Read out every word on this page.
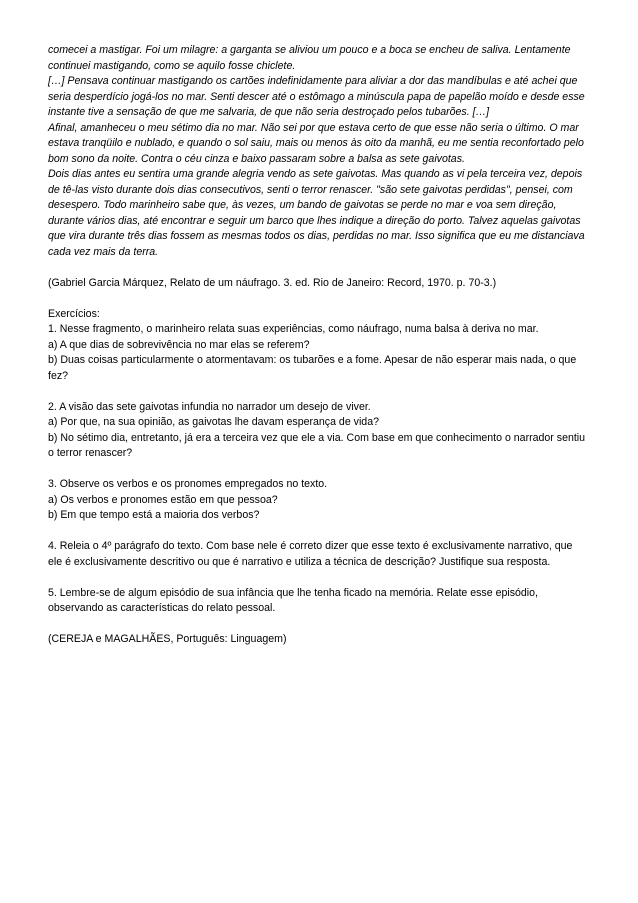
comecei a mastigar. Foi um milagre: a garganta se aliviou um pouco e a boca se encheu de saliva. Lentamente
continuei mastigando, como se aquilo fosse chiclete.
[…] Pensava continuar mastigando os cartões indefinidamente para aliviar a dor das mandíbulas e até achei que
seria desperdício jogá-los no mar. Senti descer até o estômago a minúscula papa de papelão moído e desde esse
instante tive a sensação de que me salvaria, de que não seria destroçado pelos tubarões. […]
Afinal, amanheceu o meu sétimo dia no mar. Não sei por que estava certo de que esse não seria o último. O mar
estava tranqüilo e nublado, e quando o sol saiu, mais ou menos às oito da manhã, eu me sentia reconfortado pelo
bom sono da noite. Contra o céu cinza e baixo passaram sobre a balsa as sete gaivotas.
Dois dias antes eu sentira uma grande alegria vendo as sete gaivotas. Mas quando as vi pela terceira vez, depois
de tê-las visto durante dois dias consecutivos, senti o terror renascer. "são sete gaivotas perdidas", pensei, com
desespero. Todo marinheiro sabe que, às vezes, um bando de gaivotas se perde no mar e voa sem direção,
durante vários dias, até encontrar e seguir um barco que lhes indique a direção do porto. Talvez aquelas gaivotas
que vira durante três dias fossem as mesmas todos os dias, perdidas no mar. Isso significa que eu me distanciava
cada vez mais da terra.
(Gabriel Garcia Márquez, Relato de um náufrago. 3. ed. Rio de Janeiro: Record, 1970. p. 70-3.)
Exercícios:
1. Nesse fragmento, o marinheiro relata suas experiências, como náufrago, numa balsa à deriva no mar.
a) A que dias de sobrevivência no mar elas se referem?
b) Duas coisas particularmente o atormentavam: os tubarões e a fome. Apesar de não esperar mais nada, o que
fez?
2. A visão das sete gaivotas infundia no narrador um desejo de viver.
a) Por que, na sua opinião, as gaivotas lhe davam esperança de vida?
b) No sétimo dia, entretanto, já era a terceira vez que ele a via. Com base em que conhecimento o narrador sentiu
o terror renascer?
3. Observe os verbos e os pronomes empregados no texto.
a) Os verbos e pronomes estão em que pessoa?
b) Em que tempo está a maioria dos verbos?
4. Releia o 4º parágrafo do texto. Com base nele é correto dizer que esse texto é exclusivamente narrativo, que
ele é exclusivamente descritivo ou que é narrativo e utiliza a técnica de descrição? Justifique sua resposta.
5. Lembre-se de algum episódio de sua infância que lhe tenha ficado na memória. Relate esse episódio,
observando as características do relato pessoal.
(CEREJA e MAGALHÃES, Português: Linguagem)
